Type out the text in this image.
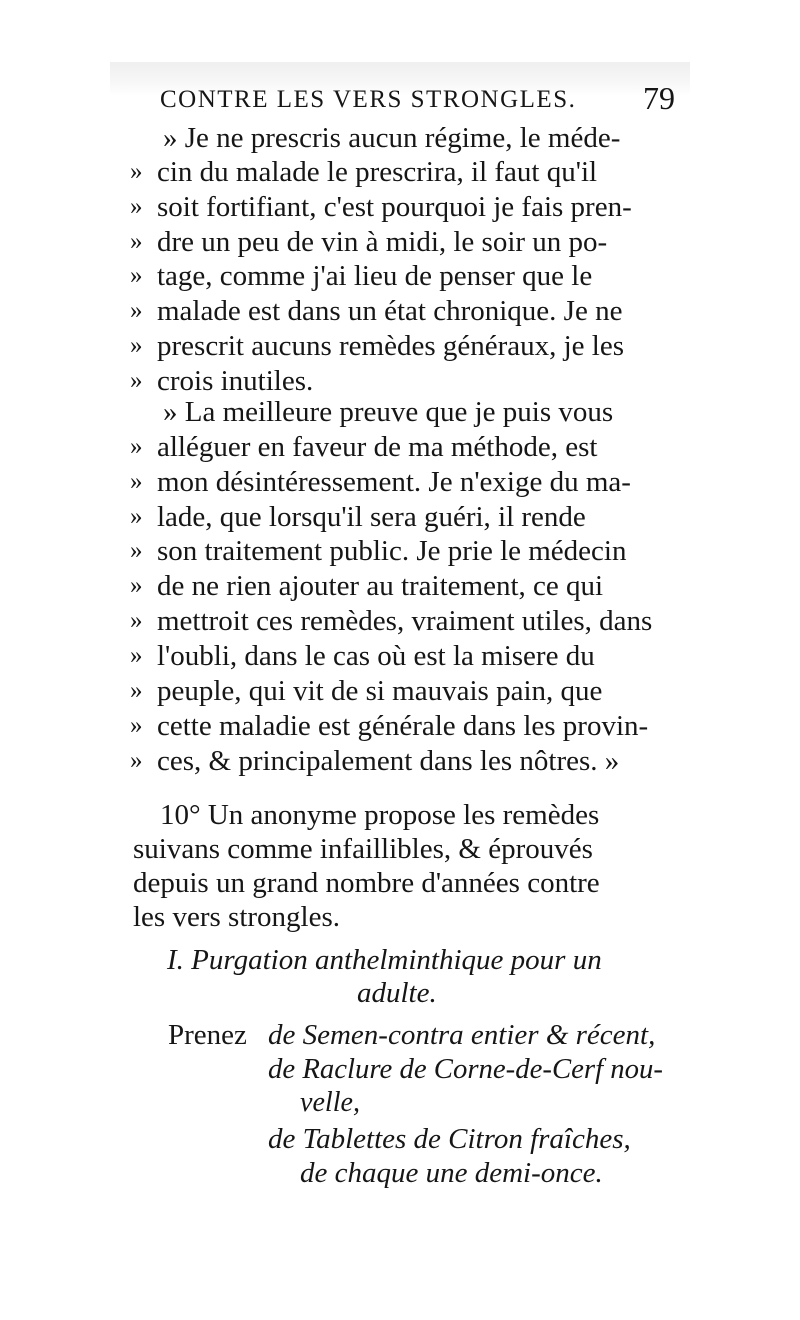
CONTRE LES VERS STRONGLES. 79
» Je ne prescris aucun régime, le méde-
» cin du malade le prescrira, il faut qu'il
» soit fortifiant, c'est pourquoi je fais pren-
» dre un peu de vin à midi, le soir un po-
» tage, comme j'ai lieu de penser que le
» malade est dans un état chronique. Je ne
» prescrit aucuns remèdes généraux, je les
» crois inutiles.
» La meilleure preuve que je puis vous
» alléguer en faveur de ma méthode, est
» mon désintéressement. Je n'exige du ma-
» lade, que lorsqu'il sera guéri, il rende
» son traitement public. Je prie le médecin
» de ne rien ajouter au traitement, ce qui
» mettroit ces remèdes, vraiment utiles, dans
» l'oubli, dans le cas où est la misere du
» peuple, qui vit de si mauvais pain, que
» cette maladie est générale dans les provin-
» ces, & principalement dans les nôtres. »
10° Un anonyme propose les remèdes
suivans comme infaillibles, & éprouvés
depuis un grand nombre d'années contre
les vers strongles.
I. Purgation anthelminthique pour un
adulte.
Prenez de Semen-contra entier & récent,
de Raclure de Corne-de-Cerf nou-
velle,
de Tablettes de Citron fraîches,
de chaque une demi-once.
